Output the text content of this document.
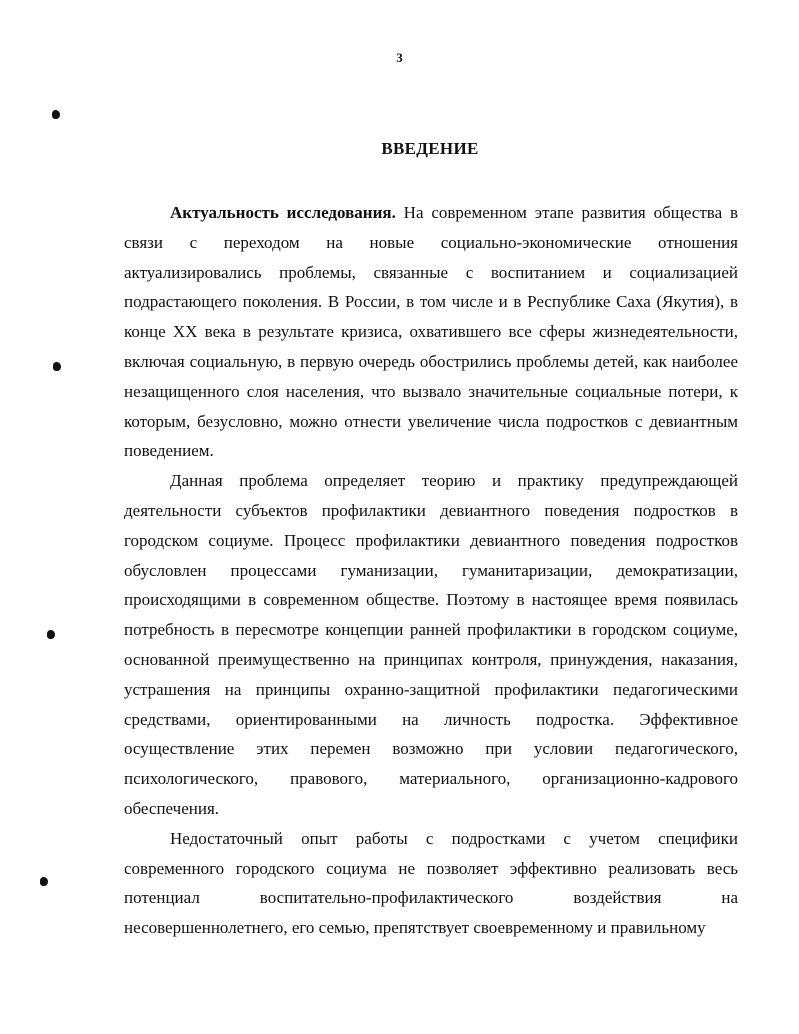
3
ВВЕДЕНИЕ

Актуальность исследования. На современном этапе развития общества в связи с переходом на новые социально-экономические отношения актуализировались проблемы, связанные с воспитанием и социализацией подрастающего поколения. В России, в том числе и в Республике Саха (Якутия), в конце XX века в результате кризиса, охватившего все сферы жизнедеятельности, включая социальную, в первую очередь обострились проблемы детей, как наиболее незащищенного слоя населения, что вызвало значительные социальные потери, к которым, безусловно, можно отнести увеличение числа подростков с девиантным поведением.

Данная проблема определяет теорию и практику предупреждающей деятельности субъектов профилактики девиантного поведения подростков в городском социуме. Процесс профилактики девиантного поведения подростков обусловлен процессами гуманизации, гуманитаризации, демократизации, происходящими в современном обществе. Поэтому в настоящее время появилась потребность в пересмотре концепции ранней профилактики в городском социуме, основанной преимущественно на принципах контроля, принуждения, наказания, устрашения на принципы охранно-защитной профилактики педагогическими средствами, ориентированными на личность подростка. Эффективное осуществление этих перемен возможно при условии педагогического, психологического, правового, материального, организационно-кадрового обеспечения.

Недостаточный опыт работы с подростками с учетом специфики современного городского социума не позволяет эффективно реализовать весь потенциал воспитательно-профилактического воздействия на несовершеннолетнего, его семью, препятствует своевременному и правильному
